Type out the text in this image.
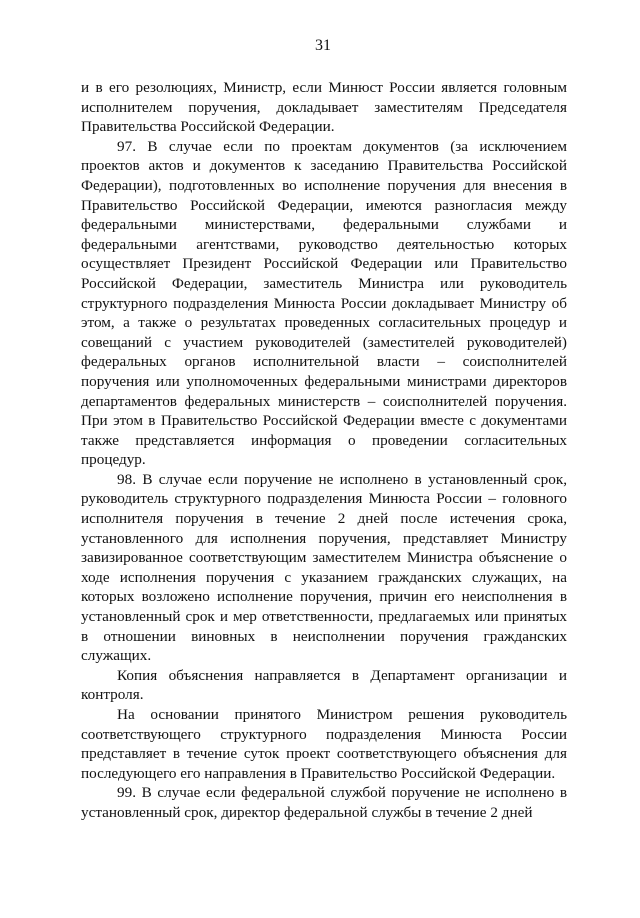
31

и в его резолюциях, Министр, если Минюст России является головным исполнителем поручения, докладывает заместителям Председателя Правительства Российской Федерации.

97. В случае если по проектам документов (за исключением проектов актов и документов к заседанию Правительства Российской Федерации), подготовленных во исполнение поручения для внесения в Правительство Российской Федерации, имеются разногласия между федеральными министерствами, федеральными службами и федеральными агентствами, руководство деятельностью которых осуществляет Президент Российской Федерации или Правительство Российской Федерации, заместитель Министра или руководитель структурного подразделения Минюста России докладывает Министру об этом, а также о результатах проведенных согласительных процедур и совещаний с участием руководителей (заместителей руководителей) федеральных органов исполнительной власти – соисполнителей поручения или уполномоченных федеральными министрами директоров департаментов федеральных министерств – соисполнителей поручения. При этом в Правительство Российской Федерации вместе с документами также представляется информация о проведении согласительных процедур.

98. В случае если поручение не исполнено в установленный срок, руководитель структурного подразделения Минюста России – головного исполнителя поручения в течение 2 дней после истечения срока, установленного для исполнения поручения, представляет Министру завизированное соответствующим заместителем Министра объяснение о ходе исполнения поручения с указанием гражданских служащих, на которых возложено исполнение поручения, причин его неисполнения в установленный срок и мер ответственности, предлагаемых или принятых в отношении виновных в неисполнении поручения гражданских служащих.

Копия объяснения направляется в Департамент организации и контроля.

На основании принятого Министром решения руководитель соответствующего структурного подразделения Минюста России представляет в течение суток проект соответствующего объяснения для последующего его направления в Правительство Российской Федерации.

99. В случае если федеральной службой поручение не исполнено в установленный срок, директор федеральной службы в течение 2 дней
